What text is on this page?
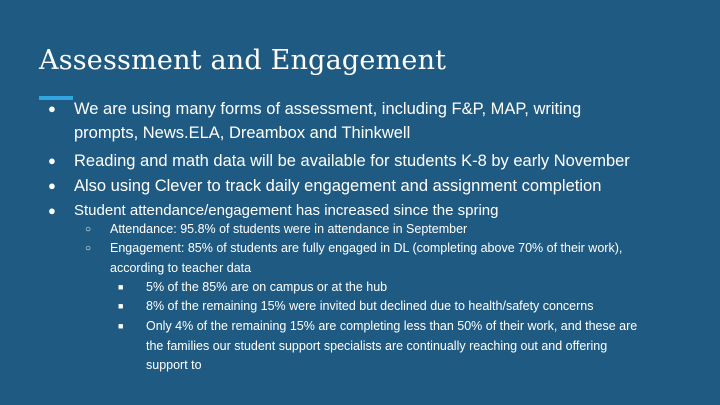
Assessment and Engagement
● We are using many forms of assessment, including F&P, MAP, writing
prompts, News.ELA, Dreambox and Thinkwell
● Reading and math data will be available for students K-8 by early November
● Also using Clever to track daily engagement and assignment completion
● Student attendance/engagement has increased since the spring
○ Attendance: 95.8% of students were in attendance in September
○ Engagement: 85% of students are fully engaged in DL (completing above 70% of their work),
according to teacher data
■ 5% of the 85% are on campus or at the hub
■ 8% of the remaining 15% were invited but declined due to health/safety concerns
■ Only 4% of the remaining 15% are completing less than 50% of their work, and these are
the families our student support specialists are continually reaching out and offering
support to
